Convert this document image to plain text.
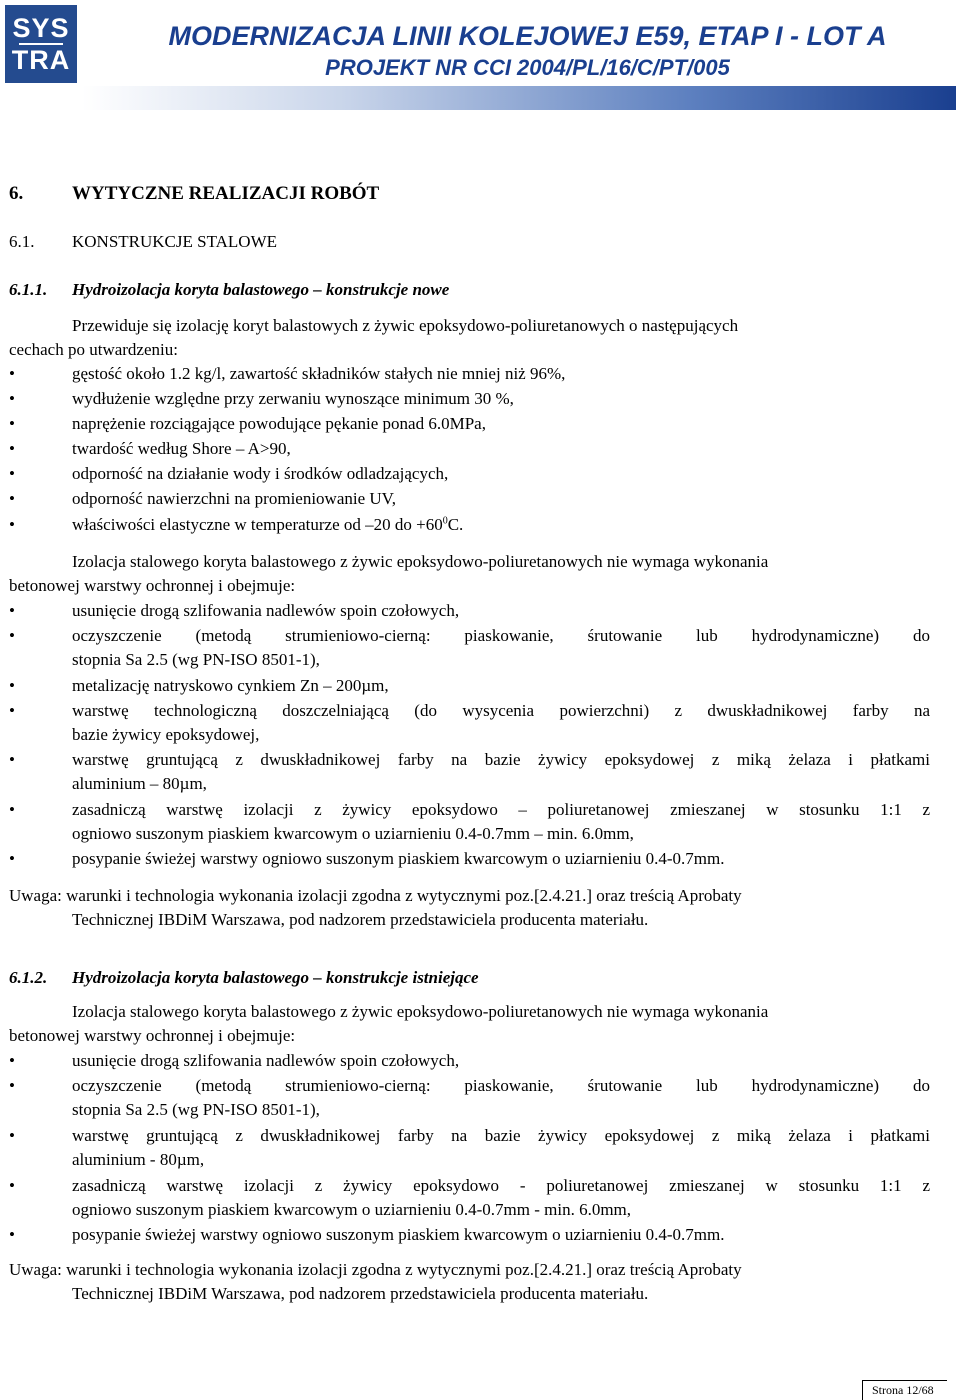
SYS
TRA
MODERNIZACJA LINII KOLEJOWEJ E59, ETAP I - LOT A
PROJEKT NR CCI 2004/PL/16/C/PT/005
6.	WYTYCZNE REALIZACJI ROBÓT
6.1. KONSTRUKCJE STALOWE
6.1.1. Hydroizolacja koryta balastowego – konstrukcje nowe
Przewiduje się izolację koryt balastowych z żywic epoksydowo-poliuretanowych o następujących
cechach po utwardzeniu:
•
gęstość około 1.2 kg/l, zawartość składników stałych nie mniej niż 96%,
•
wydłużenie względne przy zerwaniu wynoszące minimum 30 %,
•
naprężenie rozciągające powodujące pękanie ponad 6.0MPa,
•
twardość według Shore – A>90,
•
odporność na działanie wody i środków odladzających,
•
odporność nawierzchni na promieniowanie UV,
•
właściwości elastyczne w temperaturze od –20 do $+60^0C$.
Izolacja stalowego koryta balastowego z żywic epoksydowo-poliuretanowych nie wymaga wykonania
betonowej warstwy ochronnej i obejmuje:
•
usunięcie drogą szlifowania nadlewów spoin czołowych,
•
oczyszczenie (metodą strumieniowo-cierną: piaskowanie, śrutowanie lub hydrodynamiczne) do
stopnia Sa 2.5 (wg PN-ISO 8501-1),
•
metalizację natryskowo cynkiem Zn – 200µm,
•
warstwę technologiczną doszczelniającą (do wysycenia powierzchni) z dwuskładnikowej farby na
bazie żywicy epoksydowej,
•
warstwę gruntującą z dwuskładnikowej farby na bazie żywicy epoksydowej z miką żelaza i płatkami
aluminium – 80µm,
•
zasadniczą warstwę izolacji z żywicy epoksydowo – poliuretanowej zmieszanej w stosunku 1:1 z
ogniowo suszonym piaskiem kwarcowym o uziarnieniu 0.4-0.7mm – min. 6.0mm,
•
posypanie świeżej warstwy ogniowo suszonym piaskiem kwarcowym o uziarnieniu 0.4-0.7mm.
Uwaga: warunki i technologia wykonania izolacji zgodna z wytycznymi poz.[2.4.21.] oraz treścią Aprobaty
Technicznej IBDiM Warszawa, pod nadzorem przedstawiciela producenta materiału.
6.1.2. Hydroizolacja koryta balastowego – konstrukcje istniejące
Izolacja stalowego koryta balastowego z żywic epoksydowo-poliuretanowych nie wymaga wykonania
betonowej warstwy ochronnej i obejmuje:
•
usunięcie drogą szlifowania nadlewów spoin czołowych,
•
oczyszczenie (metodą strumieniowo-cierną: piaskowanie, śrutowanie lub hydrodynamiczne) do
stopnia Sa 2.5 (wg PN-ISO 8501-1),
•
warstwę gruntującą z dwuskładnikowej farby na bazie żywicy epoksydowej z miką żelaza i płatkami
aluminium - 80µm,
•
zasadniczą warstwę izolacji z żywicy epoksydowo - poliuretanowej zmieszanej w stosunku 1:1 z
ogniowo suszonym piaskiem kwarcowym o uziarnieniu 0.4-0.7mm - min. 6.0mm,
•
posypanie świeżej warstwy ogniowo suszonym piaskiem kwarcowym o uziarnieniu 0.4-0.7mm.
Uwaga: warunki i technologia wykonania izolacji zgodna z wytycznymi poz.[2.4.21.] oraz treścią Aprobaty
Technicznej IBDiM Warszawa, pod nadzorem przedstawiciela producenta materiału.
Strona 12/68
